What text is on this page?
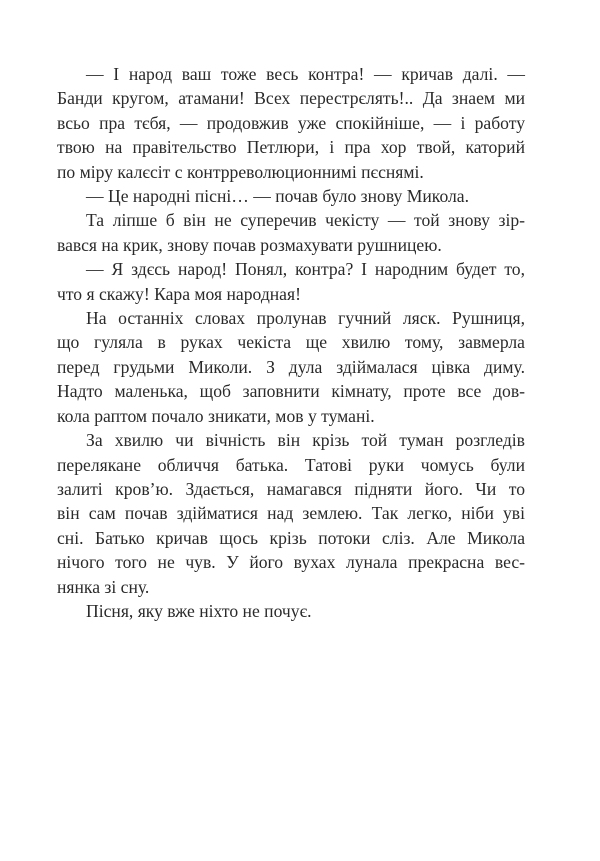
— І народ ваш тоже весь контра! — кричав далі. —
Банди кругом, атамани! Всех перестрєлять!.. Да знаем ми
всьо пра тєбя, — продовжив уже спокійніше, — і работу
твою на правітельство Петлюри, і пра хор твой, каторий
по міру калєсіт с контрреволюционнимі пєснямі.

— Це народні пісні… — почав було знову Микола.

Та ліпше б він не суперечив чекісту — той знову зір-
вався на крик, знову почав розмахувати рушницею.

— Я здєсь народ! Понял, контра? І народним будет то,
что я скажу! Кара моя народная!

На останніх словах пролунав гучний ляск. Рушниця,
що гуляла в руках чекіста ще хвилю тому, завмерла
перед грудьми Миколи. З дула здіймалася цівка диму.
Надто маленька, щоб заповнити кімнату, проте все дов-
кола раптом почало зникати, мов у тумані.

За хвилю чи вічність він крізь той туман розгледів
перелякане обличчя батька. Татові руки чомусь були
залиті кров’ю. Здається, намагався підняти його. Чи то
він сам почав здійматися над землею. Так легко, ніби уві
сні. Батько кричав щось крізь потоки сліз. Але Микола
нічого того не чув. У його вухах лунала прекрасна вес-
нянка зі сну.

Пісня, яку вже ніхто не почує.
